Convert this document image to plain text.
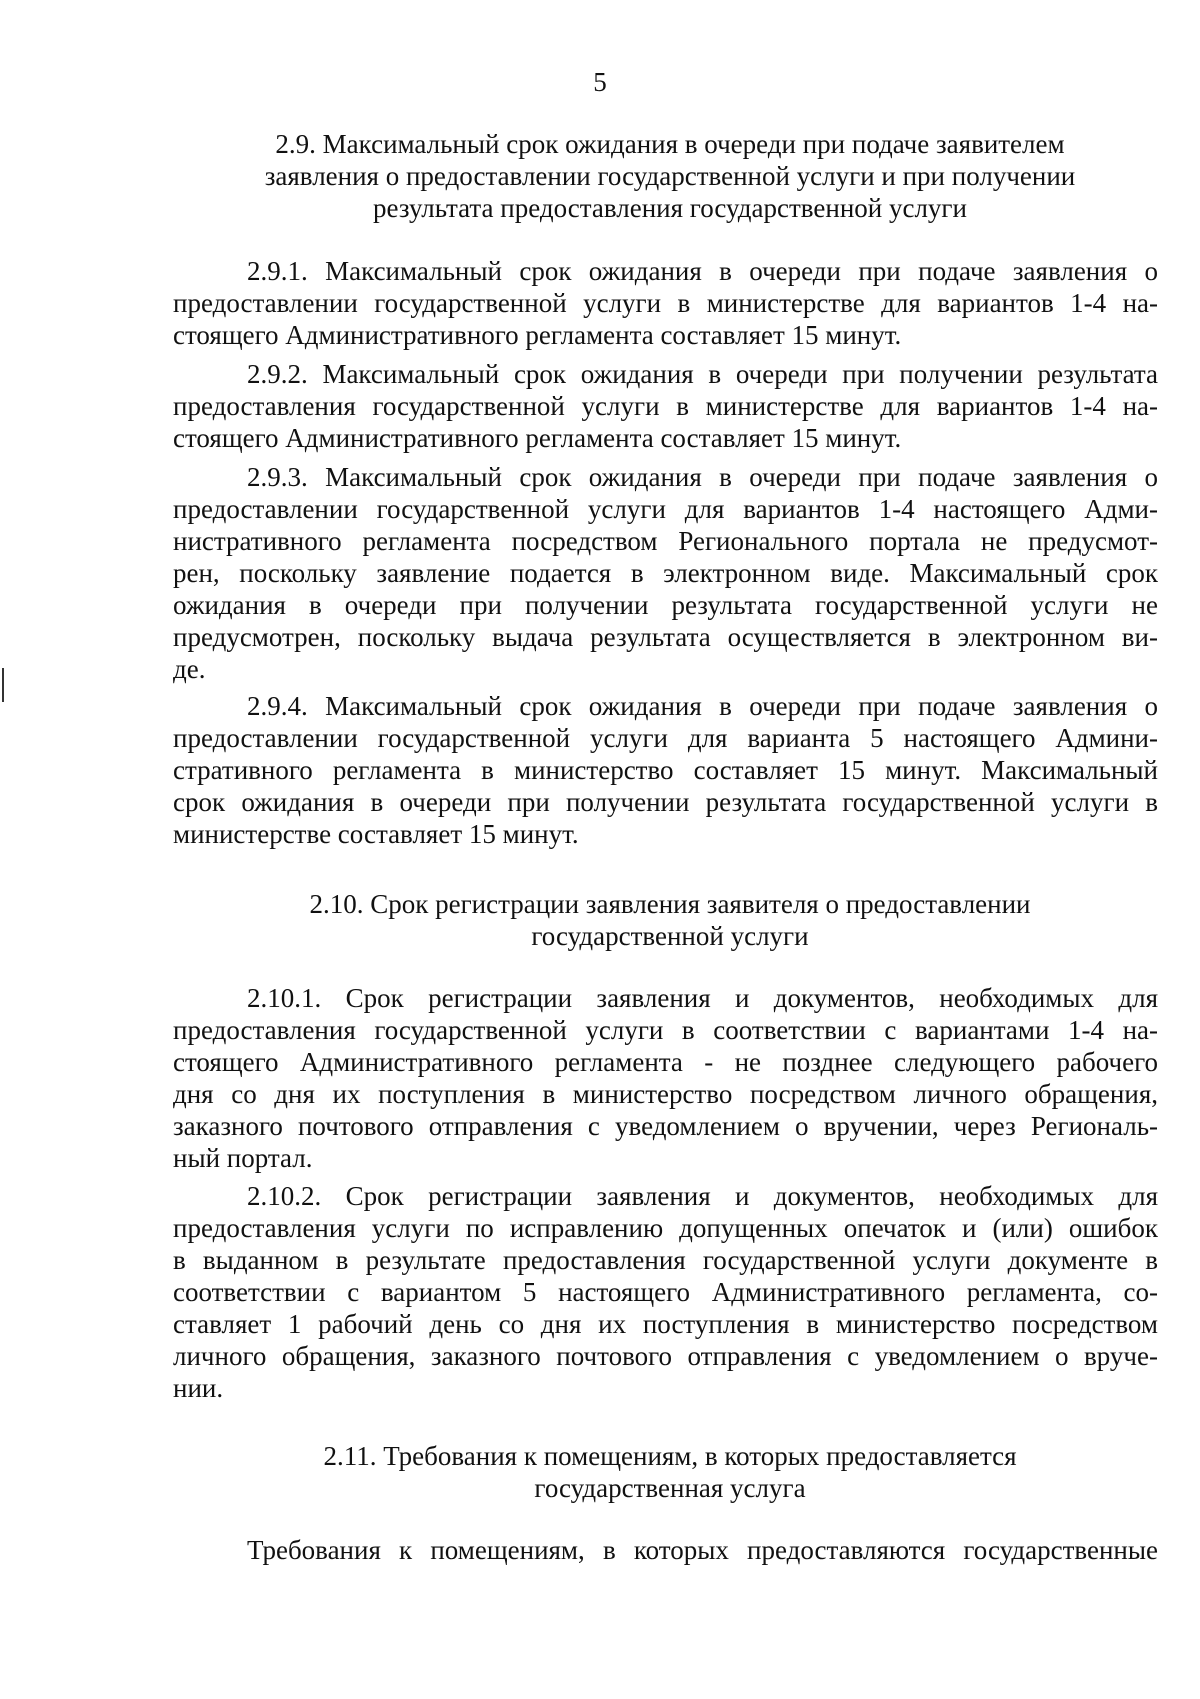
5
2.9. Максимальный срок ожидания в очереди при подаче заявителем
заявления о предоставлении государственной услуги и при получении
результата предоставления государственной услуги
2.9.1. Максимальный срок ожидания в очереди при подаче заявления о
предоставлении государственной услуги в министерстве для вариантов 1-4 на-
стоящего Административного регламента составляет 15 минут.
2.9.2. Максимальный срок ожидания в очереди при получении результата
предоставления государственной услуги в министерстве для вариантов 1-4 на-
стоящего Административного регламента составляет 15 минут.
2.9.3. Максимальный срок ожидания в очереди при подаче заявления о
предоставлении государственной услуги для вариантов 1-4 настоящего Адми-
нистративного регламента посредством Регионального портала не предусмот-
рен, поскольку заявление подается в электронном виде. Максимальный срок
ожидания в очереди при получении результата государственной услуги не
предусмотрен, поскольку выдача результата осуществляется в электронном ви-
де.
2.9.4. Максимальный срок ожидания в очереди при подаче заявления о
предоставлении государственной услуги для варианта 5 настоящего Админи-
стративного регламента в министерство составляет 15 минут. Максимальный
срок ожидания в очереди при получении результата государственной услуги в
министерстве составляет 15 минут.
2.10. Срок регистрации заявления заявителя о предоставлении
государственной услуги
2.10.1. Срок регистрации заявления и документов, необходимых для
предоставления государственной услуги в соответствии с вариантами 1-4 на-
стоящего Административного регламента - не позднее следующего рабочего
дня со дня их поступления в министерство посредством личного обращения,
заказного почтового отправления с уведомлением о вручении, через Региональ-
ный портал.
2.10.2. Срок регистрации заявления и документов, необходимых для
предоставления услуги по исправлению допущенных опечаток и (или) ошибок
в выданном в результате предоставления государственной услуги документе в
соответствии с вариантом 5 настоящего Административного регламента, со-
ставляет 1 рабочий день со дня их поступления в министерство посредством
личного обращения, заказного почтового отправления с уведомлением о вруче-
нии.
2.11. Требования к помещениям, в которых предоставляется
государственная услуга
Требования к помещениям, в которых предоставляются государственные
